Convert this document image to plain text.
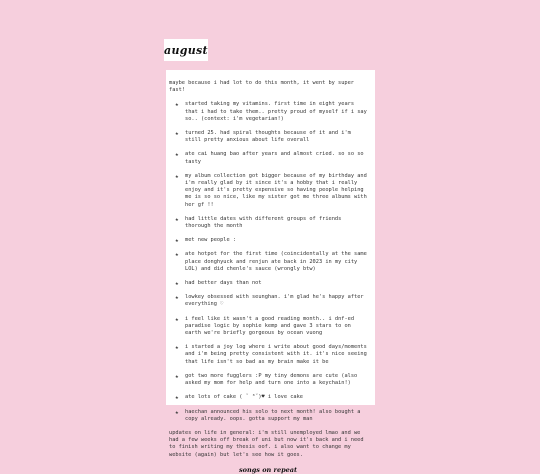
august

maybe because i had lot to do this month, it went by super fast!

★ started taking my vitamins. first time in eight years that i had to take them.. pretty proud of myself if i say so.. (context: i'm vegetarian!)
★ turned 25. had spiral thoughts because of it and i'm still pretty anxious about life overall
★ ate cai huang bao after years and almost cried. so so so tasty
★ my album collection got bigger because of my birthday and i'm really glad by it since it's a hobby that i really enjoy and it's pretty expensive so having people helping me is so so nice, like my sister got me three albums with her gf !!
★ had little dates with different groups of friends thorough the month
★ met new people :
★ ate hotpot for the first time (coincidentally at the same place donghyuck and renjun ate back in 2023 in my city LOL) and did chenle's sauce (wrongly btw)
★ had better days than not
★ lowkey obsessed with seunghan. i'm glad he's happy after everything ♡
★ i feel like it wasn't a good reading month.. i dnf-ed paradise logic by sophie kemp and gave 3 stars to on earth we're briefly gorgeous by ocean vuong
★ i started a joy log where i write about good days/moments and i'm being pretty consistent with it. it's nice seeing that life isn't so bad as my brain make it be
★ got two more fugglers :P my tiny demons are cute (also asked my mom for help and turn one into a keychain!)
★ ate lots of cake ( ˘ ³˘)♥ i love cake
★ haechan announced his solo to next month! also bought a copy already. oops. gotta support my man

updates on life in general: i'm still unemployed lmao and we had a few weeks off break of uni but now it's back and i need to finish writing my thesis oof. i also want to change my website (again) but let's see how it goes.

songs on repeat
